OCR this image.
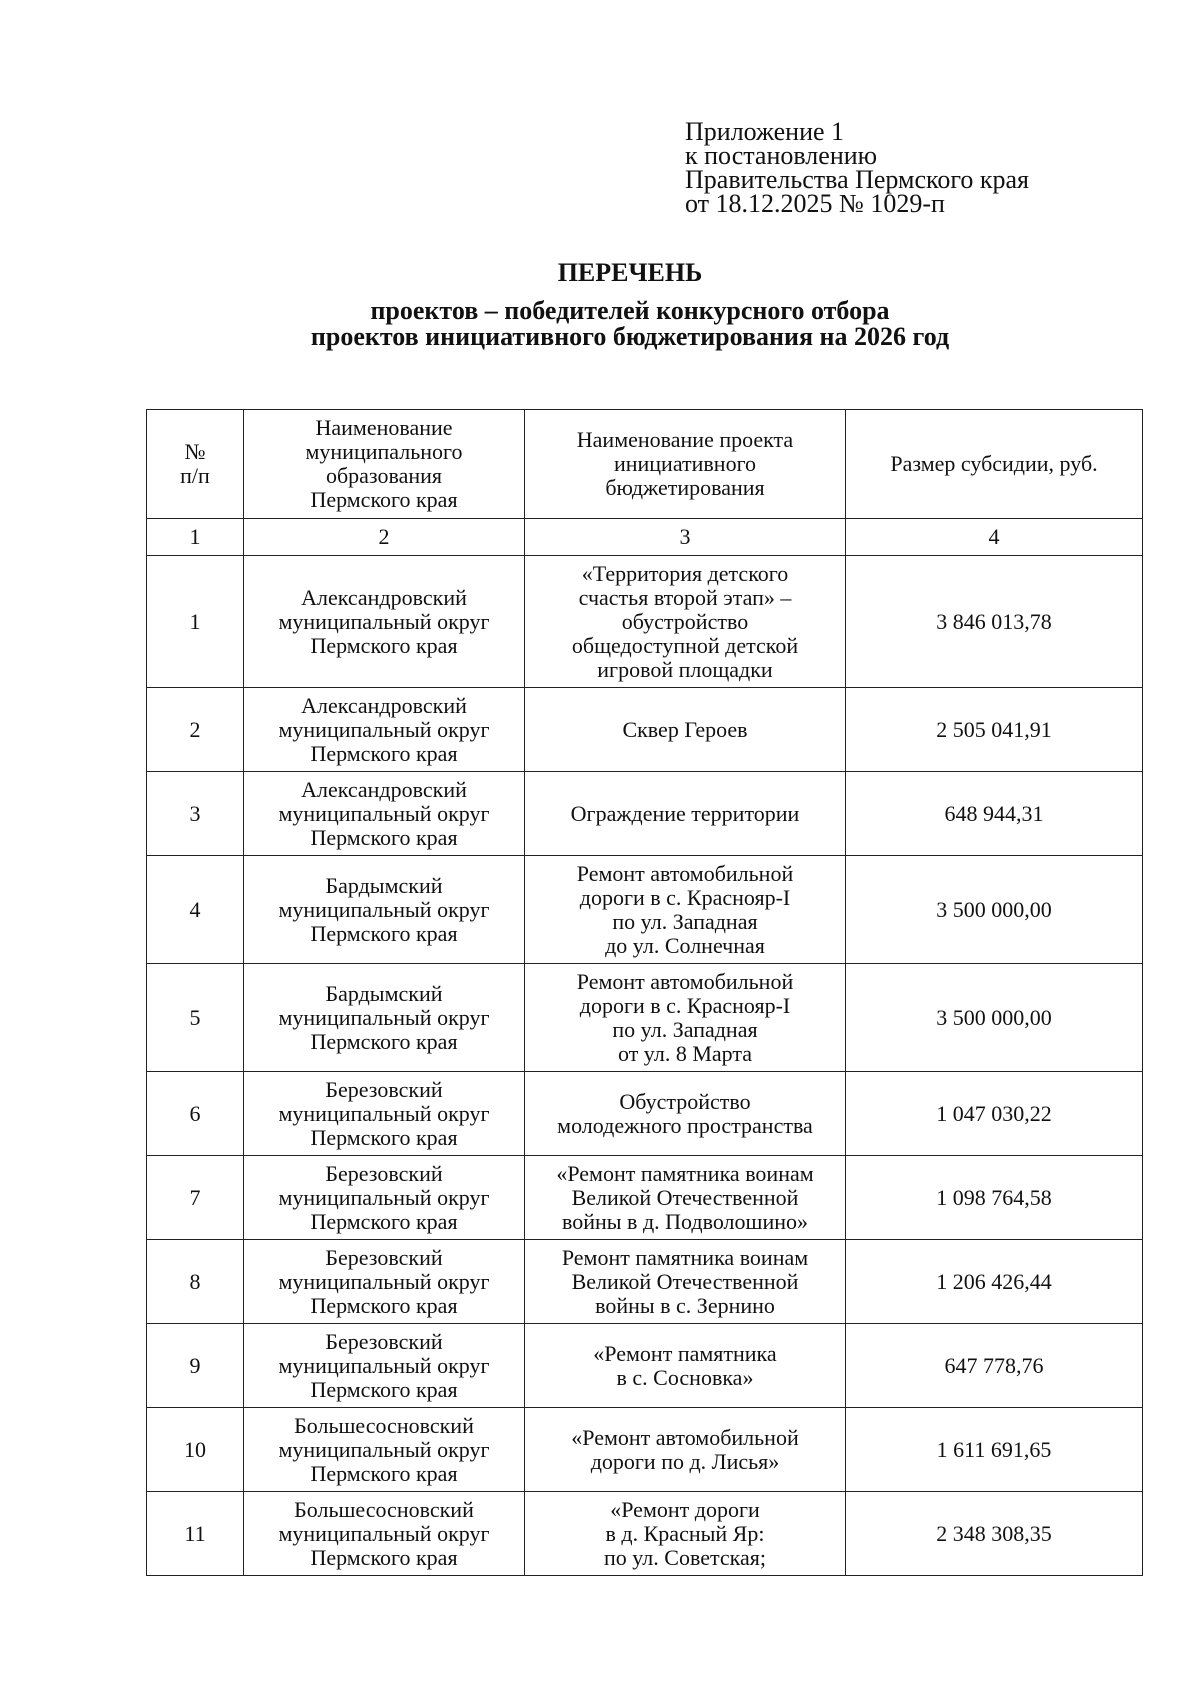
Приложение 1
к постановлению
Правительства Пермского края
от 18.12.2025 № 1029-п
ПЕРЕЧЕНЬ
проектов – победителей конкурсного отбора
проектов инициативного бюджетирования на 2026 год
№
п/п	Наименование
муниципального
образования
Пермского края	Наименование проекта
инициативного
бюджетирования	Размер субсидии, руб.
1	2	3	4
1	Александровский
муниципальный округ
Пермского края	«Территория детского
счастья второй этап» –
обустройство
общедоступной детской
игровой площадки	3 846 013,78
2	Александровский
муниципальный округ
Пермского края	Сквер Героев	2 505 041,91
3	Александровский
муниципальный округ
Пермского края	Ограждение территории	648 944,31
4	Бардымский
муниципальный округ
Пермского края	Ремонт автомобильной
дороги в с. Краснояр-I
по ул. Западная
до ул. Солнечная	3 500 000,00
5	Бардымский
муниципальный округ
Пермского края	Ремонт автомобильной
дороги в с. Краснояр-I
по ул. Западная
от ул. 8 Марта	3 500 000,00
6	Березовский
муниципальный округ
Пермского края	Обустройство
молодежного пространства	1 047 030,22
7	Березовский
муниципальный округ
Пермского края	«Ремонт памятника воинам
Великой Отечественной
войны в д. Подволошино»	1 098 764,58
8	Березовский
муниципальный округ
Пермского края	Ремонт памятника воинам
Великой Отечественной
войны в с. Зернино	1 206 426,44
9	Березовский
муниципальный округ
Пермского края	«Ремонт памятника
в с. Сосновка»	647 778,76
10	Большесосновский
муниципальный округ
Пермского края	«Ремонт автомобильной
дороги по д. Лисья»	1 611 691,65
11	Большесосновский
муниципальный округ
Пермского края	«Ремонт дороги
в д. Красный Яр:
по ул. Советская;	2 348 308,35
